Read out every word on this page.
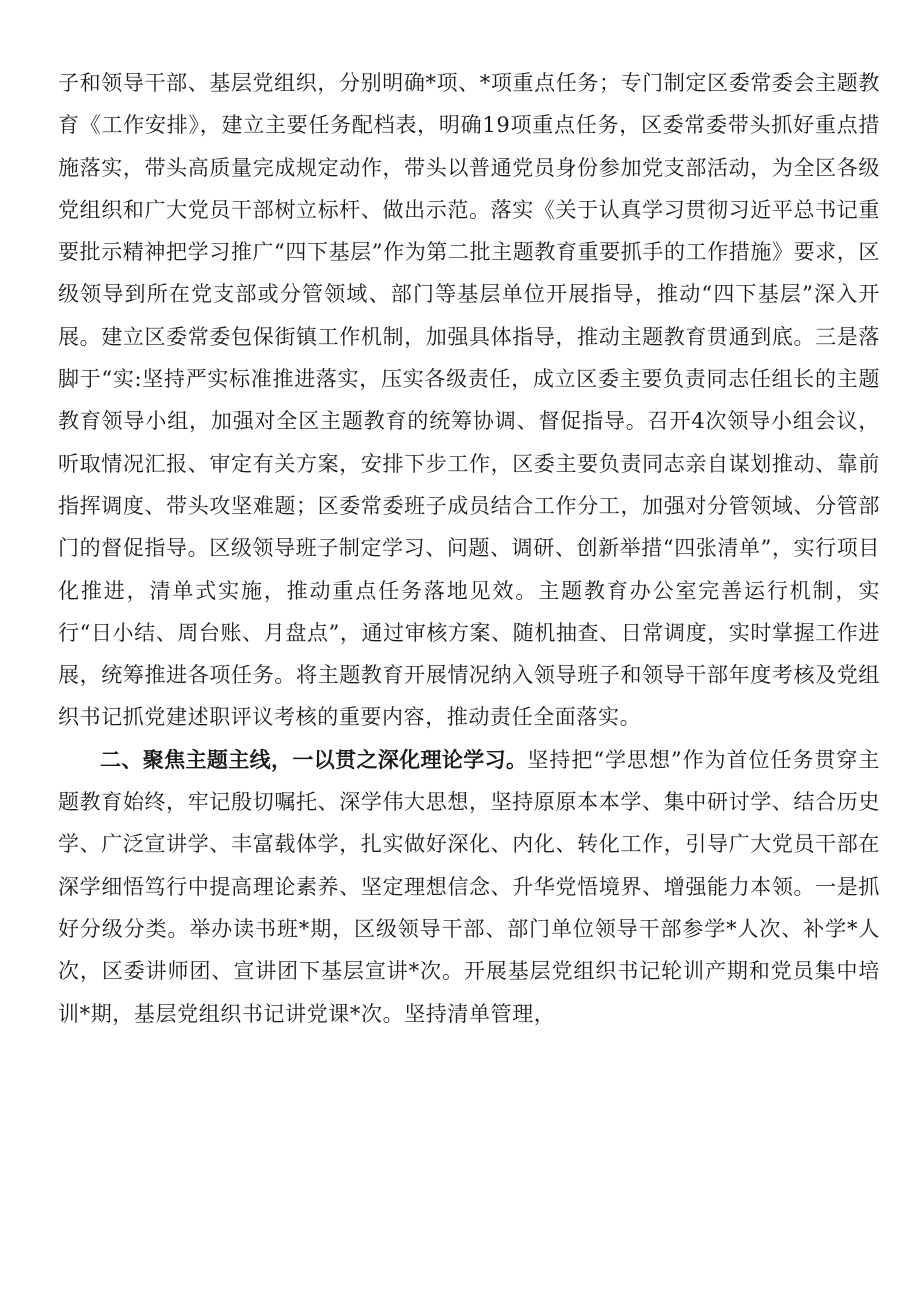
子和领导干部、基层党组织，分别明确*项、*项重点任务；专门制定区委常委会主题教育《工作安排》，建立主要任务配档表，明确19项重点任务，区委常委带头抓好重点措施落实，带头高质量完成规定动作，带头以普通党员身份参加党支部活动，为全区各级党组织和广大党员干部树立标杆、做出示范。落实《关于认真学习贯彻习近平总书记重要批示精神把学习推广“四下基层”作为第二批主题教育重要抓手的工作措施》要求，区级领导到所在党支部或分管领域、部门等基层单位开展指导，推动“四下基层”深入开展。建立区委常委包保街镇工作机制，加强具体指导，推动主题教育贯通到底。三是落脚于“实:坚持严实标准推进落实，压实各级责任，成立区委主要负责同志任组长的主题教育领导小组，加强对全区主题教育的统筹协调、督促指导。召开4次领导小组会议，听取情况汇报、审定有关方案，安排下步工作，区委主要负责同志亲自谋划推动、靠前指挥调度、带头攻坚难题；区委常委班子成员结合工作分工，加强对分管领域、分管部门的督促指导。区级领导班子制定学习、问题、调研、创新举措“四张清单”，实行项目化推进，清单式实施，推动重点任务落地见效。主题教育办公室完善运行机制，实行“日小结、周台账、月盘点”，通过审核方案、随机抽查、日常调度，实时掌握工作进展，统筹推进各项任务。将主题教育开展情况纳入领导班子和领导干部年度考核及党组织书记抓党建述职评议考核的重要内容，推动责任全面落实。

二、聚焦主题主线，一以贯之深化理论学习。坚持把“学思想”作为首位任务贯穿主题教育始终，牢记殷切嘱托、深学伟大思想，坚持原原本本学、集中研讨学、结合历史学、广泛宣讲学、丰富载体学，扎实做好深化、内化、转化工作，引导广大党员干部在深学细悟笃行中提高理论素养、坚定理想信念、升华党悟境界、增强能力本领。一是抓好分级分类。举办读书班*期，区级领导干部、部门单位领导干部参学*人次、补学*人次，区委讲师团、宣讲团下基层宣讲*次。开展基层党组织书记轮训产期和党员集中培训*期，基层党组织书记讲党课*次。坚持清单管理，
